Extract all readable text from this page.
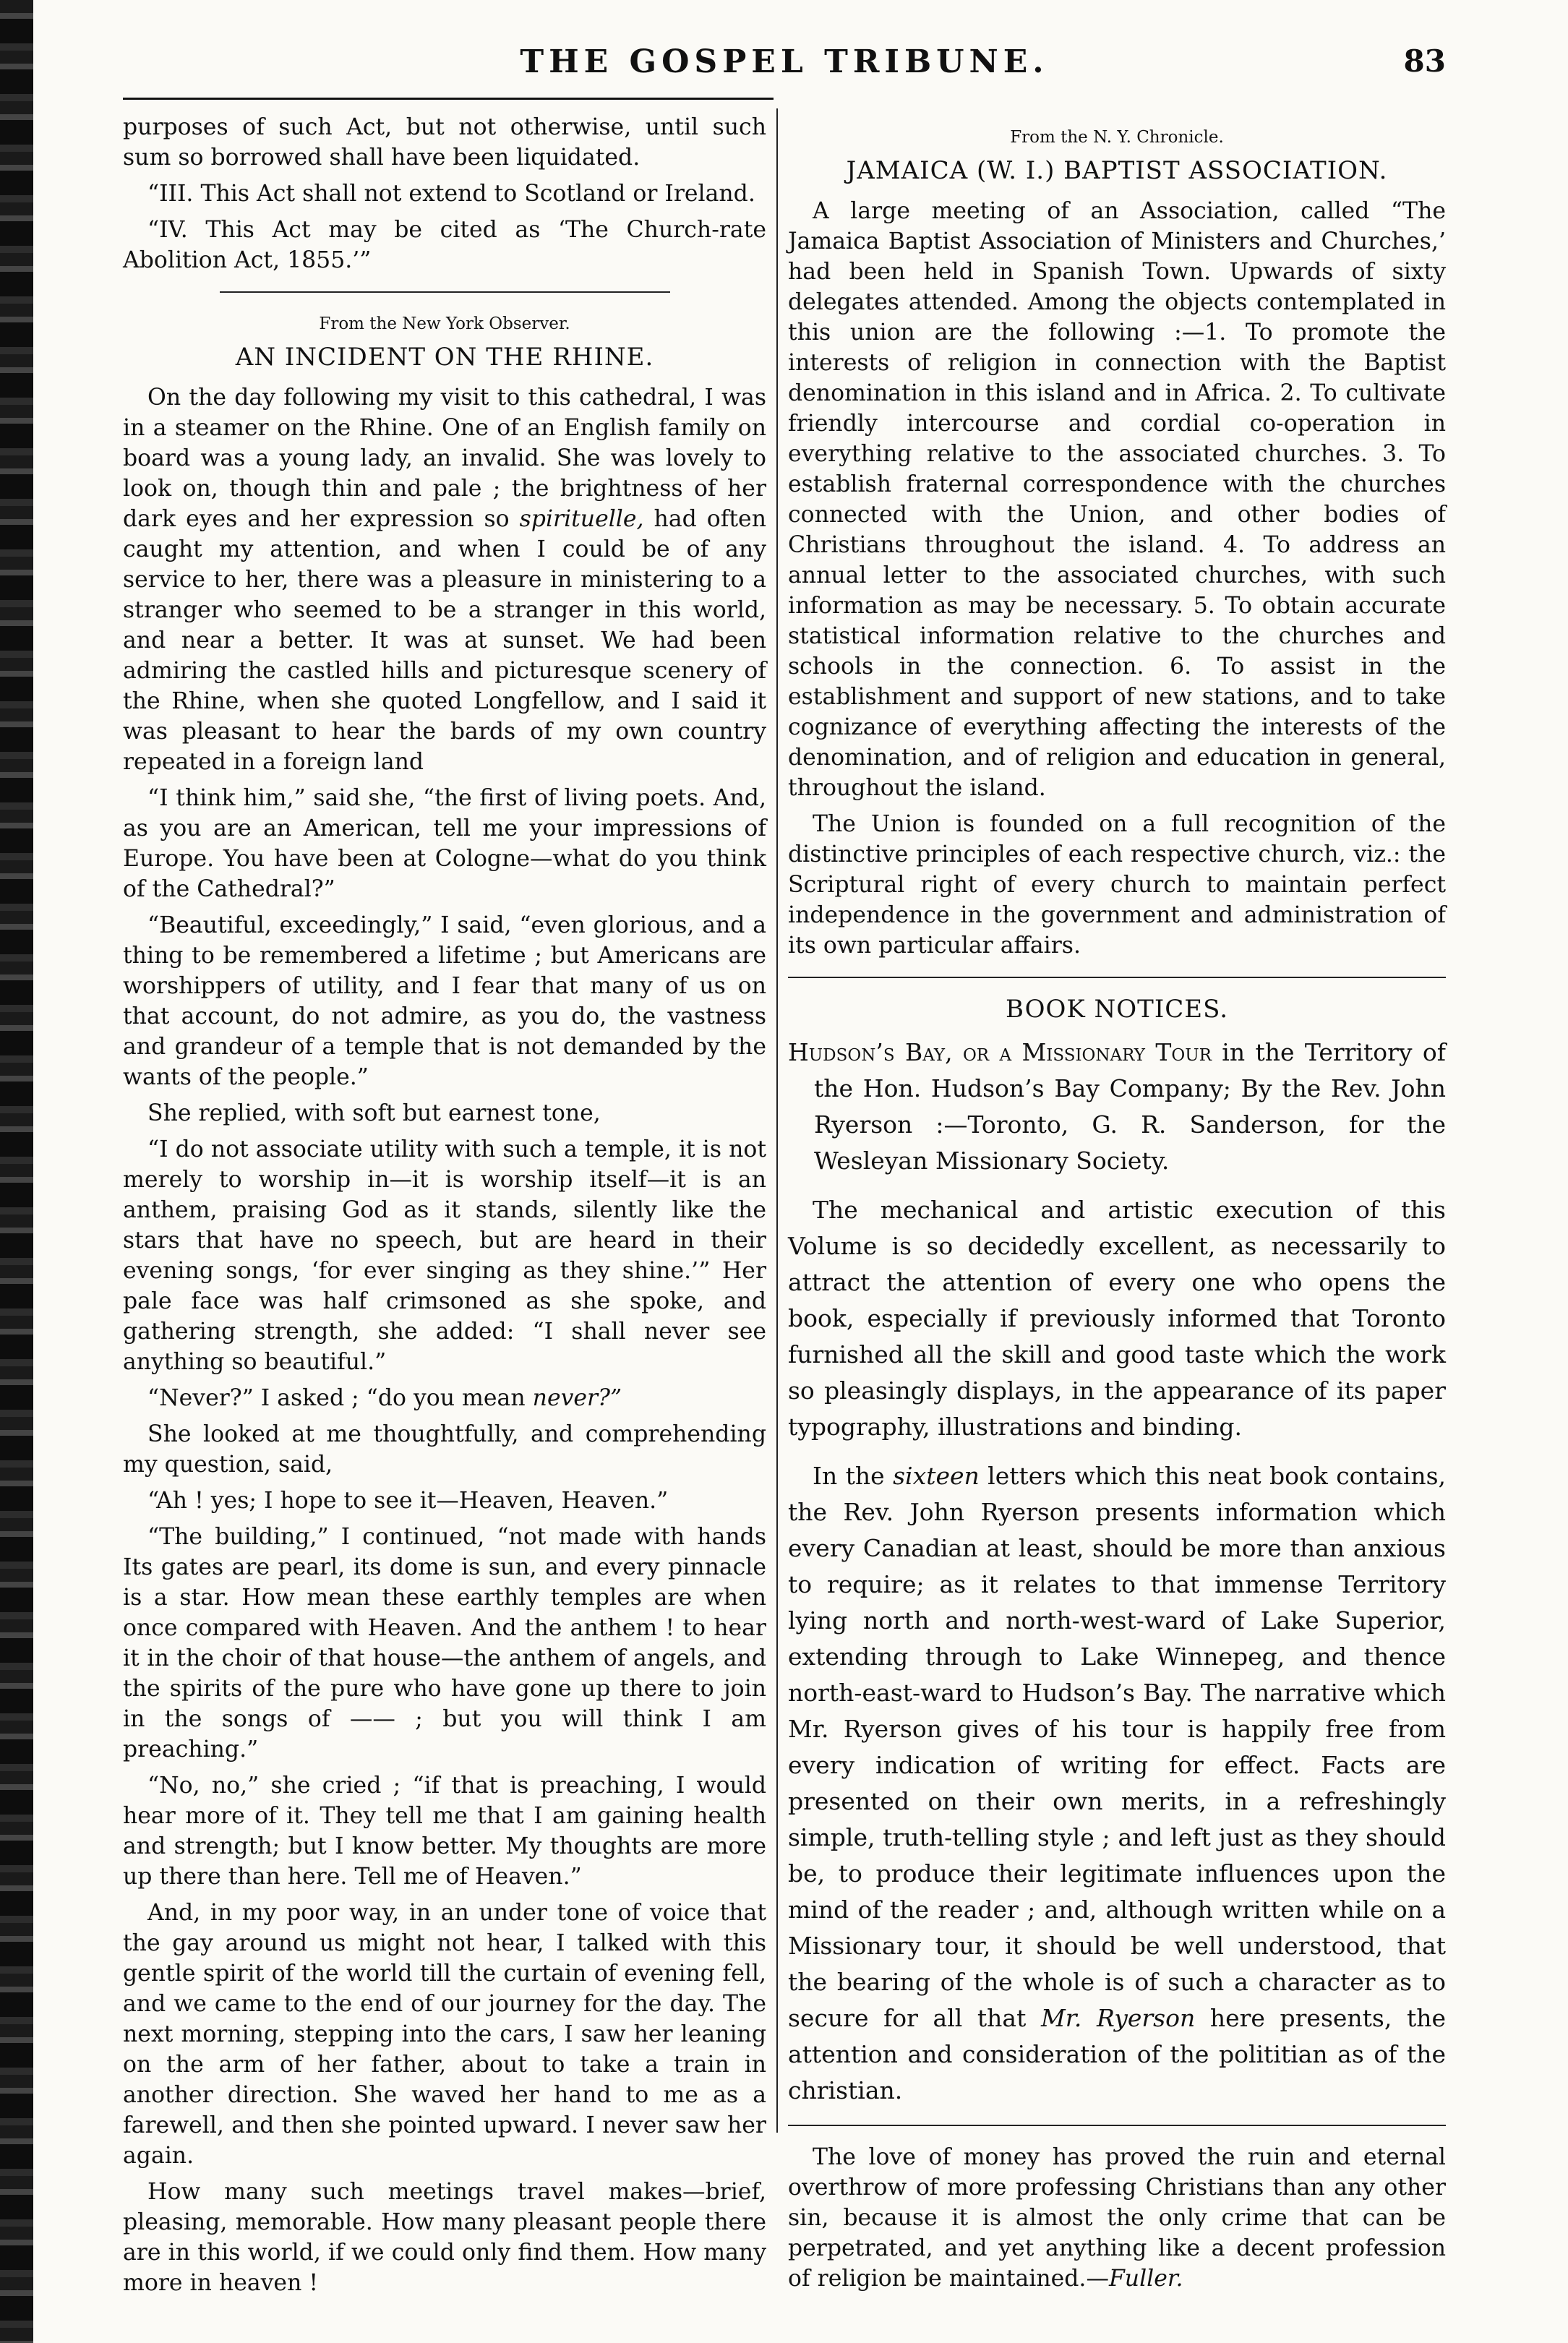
THE GOSPEL TRIBUNE.	83

purposes of such Act, but not otherwise, until such sum so borrowed shall have been liquidated.

“III. This Act shall not extend to Scotland or Ireland.

“IV. This Act may be cited as ‘The Church-rate Abolition Act, 1855.’”

From the New York Observer.
AN INCIDENT ON THE RHINE.

On the day following my visit to this cathedral, I was in a steamer on the Rhine. One of an English family on board was a young lady, an invalid. She was lovely to look on, though thin and pale ; the brightness of her dark eyes and her expression so spirituelle, had often caught my attention, and when I could be of any service to her, there was a pleasure in ministering to a stranger who seemed to be a stranger in this world, and near a better. It was at sunset. We had been admiring the castled hills and picturesque scenery of the Rhine, when she quoted Longfellow, and I said it was pleasant to hear the bards of my own country repeated in a foreign land

“I think him,” said she, “the first of living poets. And, as you are an American, tell me your impressions of Europe. You have been at Cologne—what do you think of the Cathedral?”

“Beautiful, exceedingly,” I said, “even glorious, and a thing to be remembered a lifetime ; but Americans are worshippers of utility, and I fear that many of us on that account, do not admire, as you do, the vastness and grandeur of a temple that is not demanded by the wants of the people.”

She replied, with soft but earnest tone,

“I do not associate utility with such a temple, it is not merely to worship in—it is worship itself—it is an anthem, praising God as it stands, silently like the stars that have no speech, but are heard in their evening songs, ‘for ever singing as they shine.’” Her pale face was half crimsoned as she spoke, and gathering strength, she added: “I shall never see anything so beautiful.”

“Never?” I asked ; “do you mean never?”

She looked at me thoughtfully, and comprehending my question, said,

“Ah ! yes; I hope to see it—Heaven, Heaven.”

“The building,” I continued, “not made with hands Its gates are pearl, its dome is sun, and every pinnacle is a star. How mean these earthly temples are when once compared with Heaven. And the anthem ! to hear it in the choir of that house—the anthem of angels, and the spirits of the pure who have gone up there to join in the songs of —— ; but you will think I am preaching.”

“No, no,” she cried ; “if that is preaching, I would hear more of it. They tell me that I am gaining health and strength; but I know better. My thoughts are more up there than here. Tell me of Heaven.”

And, in my poor way, in an under tone of voice that the gay around us might not hear, I talked with this gentle spirit of the world till the curtain of evening fell, and we came to the end of our journey for the day. The next morning, stepping into the cars, I saw her leaning on the arm of her father, about to take a train in another direction. She waved her hand to me as a farewell, and then she pointed upward. I never saw her again.

How many such meetings travel makes—brief, pleasing, memorable. How many pleasant people there are in this world, if we could only find them. How many more in heaven !

From the N. Y. Chronicle.
JAMAICA (W. I.) BAPTIST ASSOCIATION.

A large meeting of an Association, called “The Jamaica Baptist Association of Ministers and Churches,’ had been held in Spanish Town. Upwards of sixty delegates attended. Among the objects contemplated in this union are the following :—1. To promote the interests of religion in connection with the Baptist denomination in this island and in Africa. 2. To cultivate friendly intercourse and cordial co-operation in everything relative to the associated churches. 3. To establish fraternal correspondence with the churches connected with the Union, and other bodies of Christians throughout the island. 4. To address an annual letter to the associated churches, with such information as may be necessary. 5. To obtain accurate statistical information relative to the churches and schools in the connection. 6. To assist in the establishment and support of new stations, and to take cognizance of everything affecting the interests of the denomination, and of religion and education in general, throughout the island.

The Union is founded on a full recognition of the distinctive principles of each respective church, viz.: the Scriptural right of every church to maintain perfect independence in the government and administration of its own particular affairs.

BOOK NOTICES.

Hudson’s Bay, or a Missionary Tour in the Territory of the Hon. Hudson’s Bay Company; By the Rev. John Ryerson :—Toronto, G. R. Sanderson, for the Wesleyan Missionary Society.

The mechanical and artistic execution of this Volume is so decidedly excellent, as necessarily to attract the attention of every one who opens the book, especially if previously informed that Toronto furnished all the skill and good taste which the work so pleasingly displays, in the appearance of its paper typography, illustrations and binding.

In the sixteen letters which this neat book contains, the Rev. John Ryerson presents information which every Canadian at least, should be more than anxious to require; as it relates to that immense Territory lying north and north-west-ward of Lake Superior, extending through to Lake Winnepeg, and thence north-east-ward to Hudson’s Bay. The narrative which Mr. Ryerson gives of his tour is happily free from every indication of writing for effect. Facts are presented on their own merits, in a refreshingly simple, truth-telling style ; and left just as they should be, to produce their legitimate influences upon the mind of the reader ; and, although written while on a Missionary tour, it should be well understood, that the bearing of the whole is of such a character as to secure for all that Mr. Ryerson here presents, the attention and consideration of the polititian as of the christian.

The love of money has proved the ruin and eternal overthrow of more professing Christians than any other sin, because it is almost the only crime that can be perpetrated, and yet anything like a decent profession of religion be maintained.—Fuller.
